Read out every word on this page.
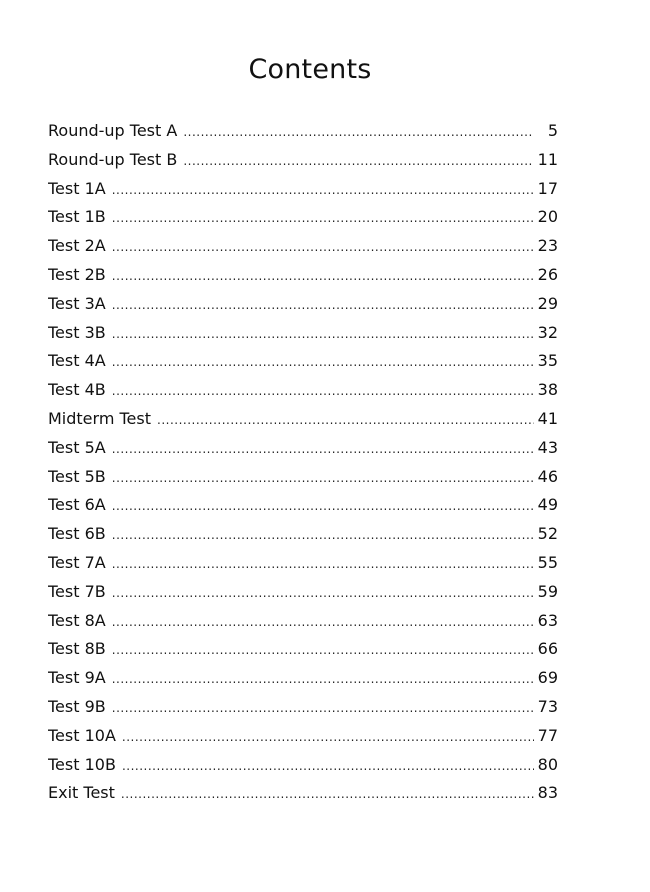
Contents
Round-up Test A .....	5
Round-up Test B .....	11
Test 1A .....	17
Test 1B .....	20
Test 2A .....	23
Test 2B .....	26
Test 3A .....	29
Test 3B .....	32
Test 4A .....	35
Test 4B .....	38
Midterm Test .....	41
Test 5A .....	43
Test 5B .....	46
Test 6A .....	49
Test 6B .....	52
Test 7A .....	55
Test 7B .....	59
Test 8A .....	63
Test 8B .....	66
Test 9A .....	69
Test 9B .....	73
Test 10A .....	77
Test 10B .....	80
Exit Test .....	83
